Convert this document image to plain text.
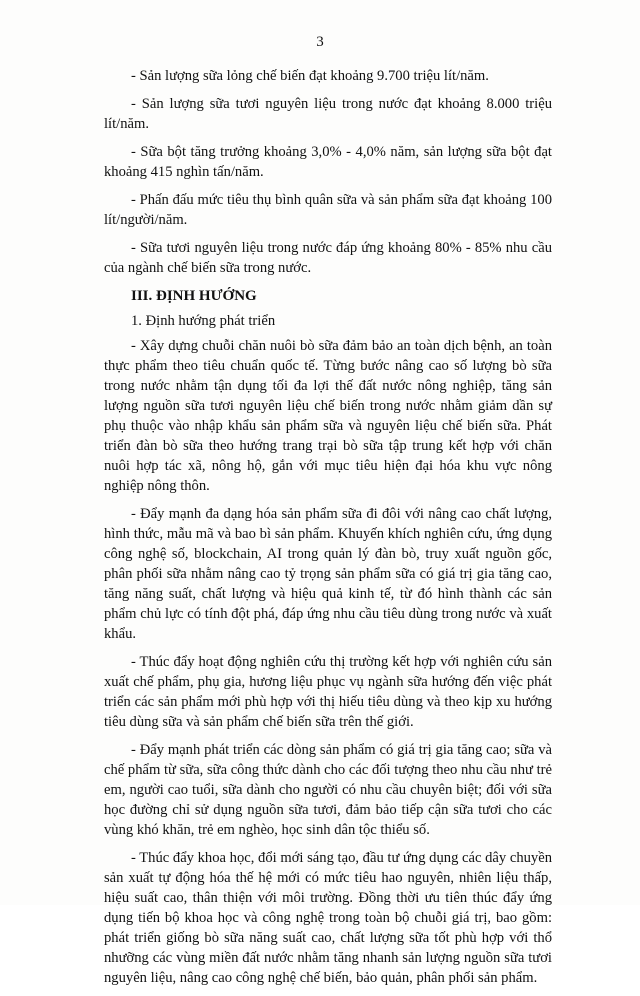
3

- Sản lượng sữa lỏng chế biến đạt khoảng 9.700 triệu lít/năm.

- Sản lượng sữa tươi nguyên liệu trong nước đạt khoảng 8.000 triệu lít/năm.

- Sữa bột tăng trưởng khoảng 3,0% - 4,0% năm, sản lượng sữa bột đạt khoảng 415 nghìn tấn/năm.

- Phấn đấu mức tiêu thụ bình quân sữa và sản phẩm sữa đạt khoảng 100 lít/người/năm.

- Sữa tươi nguyên liệu trong nước đáp ứng khoảng 80% - 85% nhu cầu của ngành chế biến sữa trong nước.

III. ĐỊNH HƯỚNG
1. Định hướng phát triển

- Xây dựng chuỗi chăn nuôi bò sữa đảm bảo an toàn dịch bệnh, an toàn thực phẩm theo tiêu chuẩn quốc tế. Từng bước nâng cao số lượng bò sữa trong nước nhằm tận dụng tối đa lợi thế đất nước nông nghiệp, tăng sản lượng nguồn sữa tươi nguyên liệu chế biến trong nước nhằm giảm dần sự phụ thuộc vào nhập khẩu sản phẩm sữa và nguyên liệu chế biến sữa. Phát triển đàn bò sữa theo hướng trang trại bò sữa tập trung kết hợp với chăn nuôi hợp tác xã, nông hộ, gắn với mục tiêu hiện đại hóa khu vực nông nghiệp nông thôn.

- Đẩy mạnh đa dạng hóa sản phẩm sữa đi đôi với nâng cao chất lượng, hình thức, mẫu mã và bao bì sản phẩm. Khuyến khích nghiên cứu, ứng dụng công nghệ số, blockchain, AI trong quản lý đàn bò, truy xuất nguồn gốc, phân phối sữa nhằm nâng cao tỷ trọng sản phẩm sữa có giá trị gia tăng cao, tăng năng suất, chất lượng và hiệu quả kinh tế, từ đó hình thành các sản phẩm chủ lực có tính đột phá, đáp ứng nhu cầu tiêu dùng trong nước và xuất khẩu.

- Thúc đẩy hoạt động nghiên cứu thị trường kết hợp với nghiên cứu sản xuất chế phẩm, phụ gia, hương liệu phục vụ ngành sữa hướng đến việc phát triển các sản phẩm mới phù hợp với thị hiếu tiêu dùng và theo kịp xu hướng tiêu dùng sữa và sản phẩm chế biến sữa trên thế giới.

- Đẩy mạnh phát triển các dòng sản phẩm có giá trị gia tăng cao; sữa và chế phẩm từ sữa, sữa công thức dành cho các đối tượng theo nhu cầu như trẻ em, người cao tuổi, sữa dành cho người có nhu cầu chuyên biệt; đối với sữa học đường chỉ sử dụng nguồn sữa tươi, đảm bảo tiếp cận sữa tươi cho các vùng khó khăn, trẻ em nghèo, học sinh dân tộc thiểu số.

- Thúc đẩy khoa học, đổi mới sáng tạo, đầu tư ứng dụng các dây chuyền sản xuất tự động hóa thế hệ mới có mức tiêu hao nguyên, nhiên liệu thấp, hiệu suất cao, thân thiện với môi trường. Đồng thời ưu tiên thúc đẩy ứng dụng tiến bộ khoa học và công nghệ trong toàn bộ chuỗi giá trị, bao gồm: phát triển giống bò sữa năng suất cao, chất lượng sữa tốt phù hợp với thổ nhưỡng các vùng miền đất nước nhằm tăng nhanh sản lượng nguồn sữa tươi nguyên liệu, nâng cao công nghệ chế biến, bảo quản, phân phối sản phẩm.
